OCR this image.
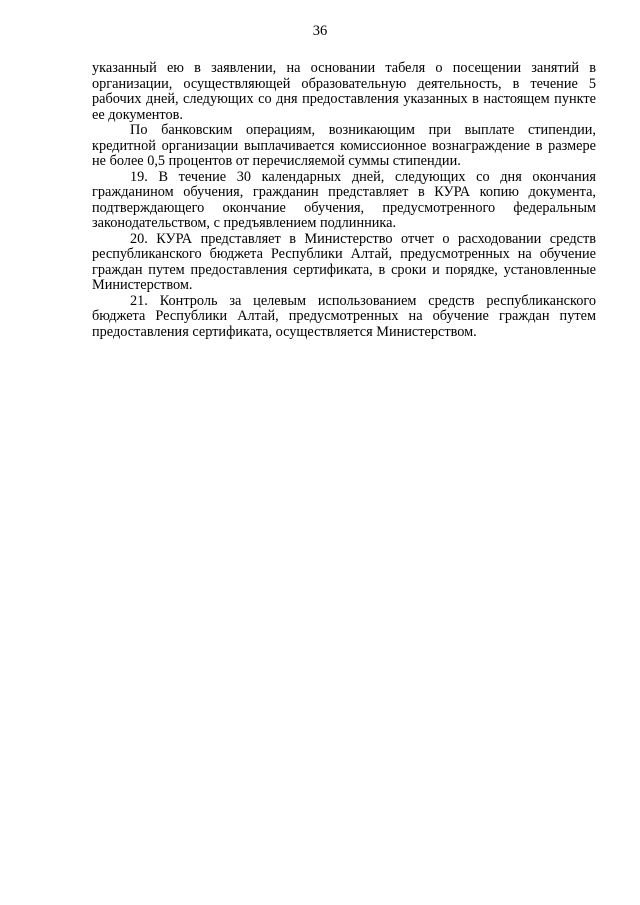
36

указанный ею в заявлении, на основании табеля о посещении занятий в организации, осуществляющей образовательную деятельность, в течение 5 рабочих дней, следующих со дня предоставления указанных в настоящем пункте ее документов.

По банковским операциям, возникающим при выплате стипендии, кредитной организации выплачивается комиссионное вознаграждение в размере не более 0,5 процентов от перечисляемой суммы стипендии.

19. В течение 30 календарных дней, следующих со дня окончания гражданином обучения, гражданин представляет в КУРА копию документа, подтверждающего окончание обучения, предусмотренного федеральным законодательством, с предъявлением подлинника.

20. КУРА представляет в Министерство отчет о расходовании средств республиканского бюджета Республики Алтай, предусмотренных на обучение граждан путем предоставления сертификата, в сроки и порядке, установленные Министерством.

21. Контроль за целевым использованием средств республиканского бюджета Республики Алтай, предусмотренных на обучение граждан путем предоставления сертификата, осуществляется Министерством.
